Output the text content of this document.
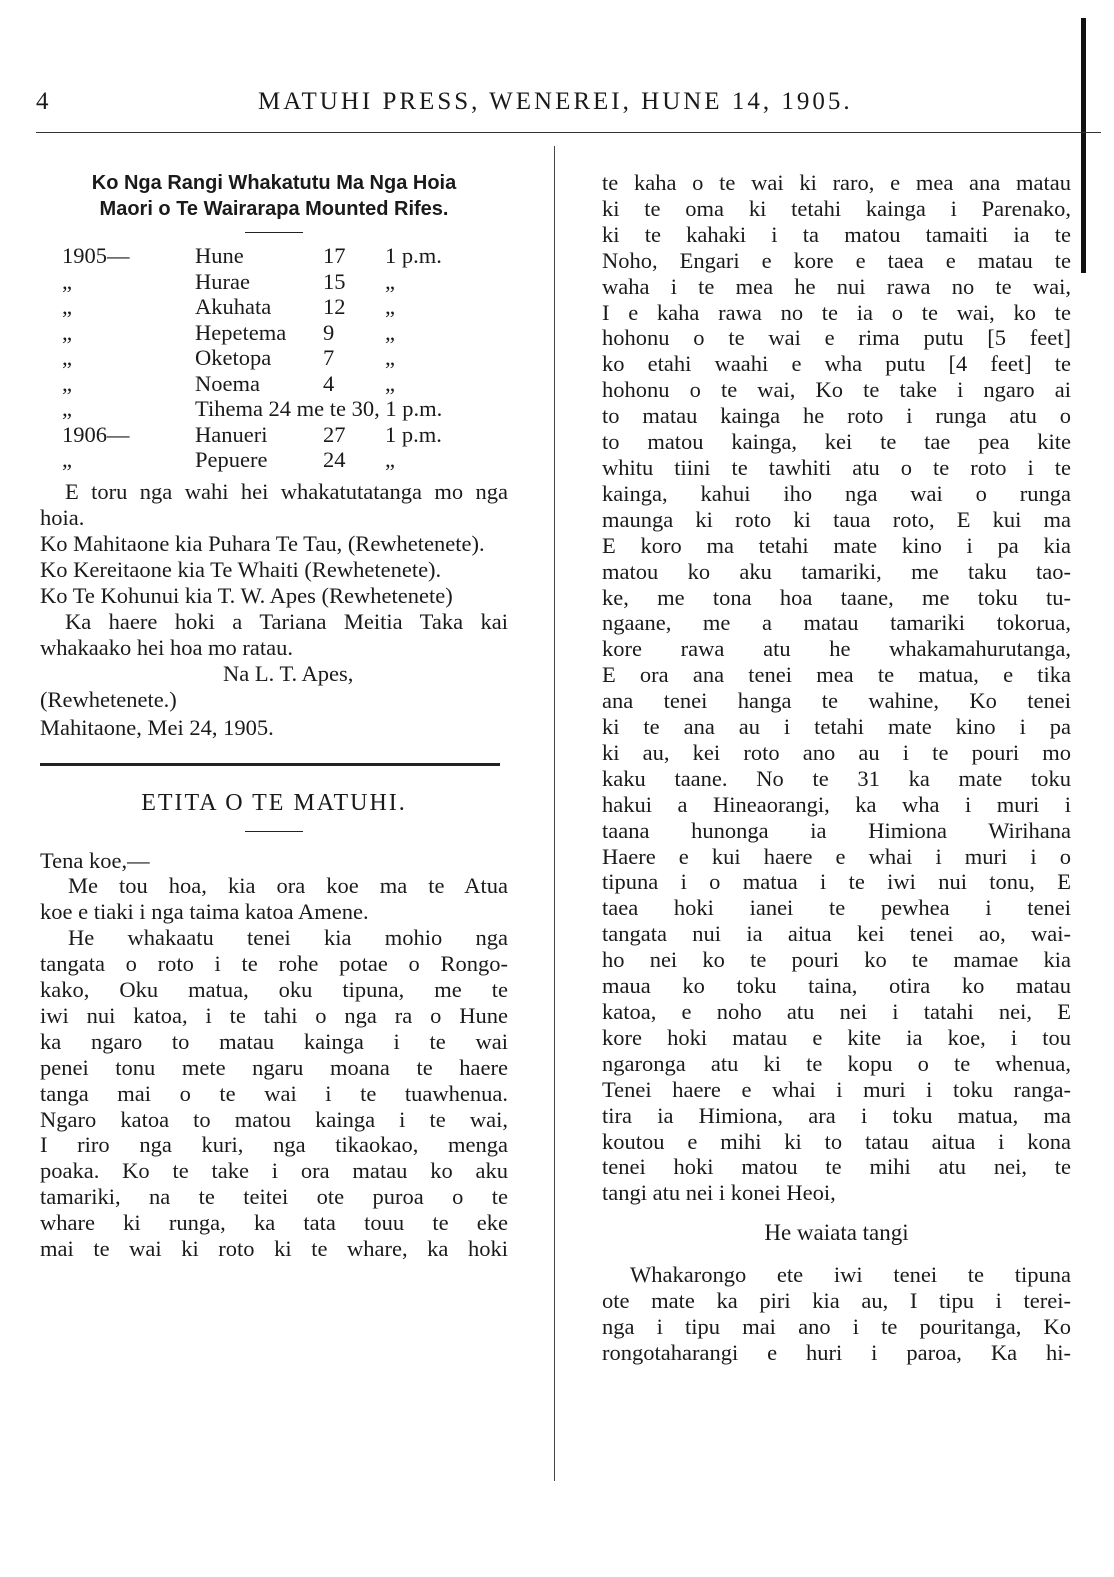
4	MATUHI PRESS, WENEREI, HUNE 14, 1905.
Ko Nga Rangi Whakatutu Ma Nga Hoia
Maori o Te Wairarapa Mounted Rifes.
1905—	Hune	17 1 p.m.
„	Hurae	15 „
„	Akuhata 12 „
„	Hepetema 9 „
„	Oketopa 7 „
„	Noema	4 „
„	Tihema 24 me te 30, 1 p.m.
1906—	Hanueri 27 1 p.m.
„	Pepuere 24 „

E toru nga wahi hei whakatutatanga mo nga hoia.

Ko Mahitaone kia Puhara Te Tau, (Rewhetenete).

Ko Kereitaone kia Te Whaiti (Rewhetenete).

Ko Te Kohunui kia T. W. Apes (Rewhetenete)

Ka haere hoki a Tariana Meitia Taka kai whakaako hei hoa mo ratau.

Na L. T. Apes,

(Rewhetenete.)

Mahitaone, Mei 24, 1905.

ETITA O TE MATUHI.

Tena koe,—

Me tou hoa, kia ora koe ma te Atua

koe e tiaki i nga taima katoa Amene.

He whakaatu tenei kia mohio nga

tangata o roto i te rohe potae o Rongo-

kako, Oku matua, oku tipuna, me te

iwi nui katoa, i te tahi o nga ra o Hune

ka ngaro to matau kainga i te wai

penei tonu mete ngaru moana te haere

tanga mai o te wai i te tuawhenua.

Ngaro katoa to matou kainga i te wai,

I riro nga kuri, nga tikaokao, menga

poaka. Ko te take i ora matau ko aku

tamariki, na te teitei ote puroa o te

whare ki runga, ka tata touu te eke

mai te wai ki roto ki te whare, ka hoki

te kaha o te wai ki raro, e mea ana matau

ki te oma ki tetahi kainga i Parenako,

ki te kahaki i ta matou tamaiti ia te

Noho, Engari e kore e taea e matau te

waha i te mea he nui rawa no te wai,

I e kaha rawa no te ia o te wai, ko te

hohonu o te wai e rima putu [5 feet]

ko etahi waahi e wha putu [4 feet] te

hohonu o te wai, Ko te take i ngaro ai

to matau kainga he roto i runga atu o

to matou kainga, kei te tae pea kite

whitu tiini te tawhiti atu o te roto i te

kainga, kahui iho nga wai o runga

maunga ki roto ki taua roto, E kui ma

E koro ma tetahi mate kino i pa kia

matou ko aku tamariki, me taku tao-

ke, me tona hoa taane, me toku tu-

ngaane, me a matau tamariki tokorua,

kore rawa atu he whakamahurutanga,

E ora ana tenei mea te matua, e tika

ana tenei hanga te wahine, Ko tenei

ki te ana au i tetahi mate kino i pa

ki au, kei roto ano au i te pouri mo

kaku taane. No te 31 ka mate toku

hakui a Hineaorangi, ka wha i muri i

taana hunonga ia Himiona Wirihana

Haere e kui haere e whai i muri i o

tipuna i o matua i te iwi nui tonu, E

taea hoki ianei te pewhea i tenei

tangata nui ia aitua kei tenei ao, wai-

ho nei ko te pouri ko te mamae kia

maua ko toku taina, otira ko matau

katoa, e noho atu nei i tatahi nei, E

kore hoki matau e kite ia koe, i tou

ngaronga atu ki te kopu o te whenua,

Tenei haere e whai i muri i toku ranga-

tira ia Himiona, ara i toku matua, ma

koutou e mihi ki to tatau aitua i kona

tenei hoki matou te mihi atu nei, te

tangi atu nei i konei Heoi,

He waiata tangi

Whakarongo ete iwi tenei te tipuna

ote mate ka piri kia au, I tipu i terei-

nga i tipu mai ano i te pouritanga, Ko

rongotaharangi e huri i paroa, Ka hi-
